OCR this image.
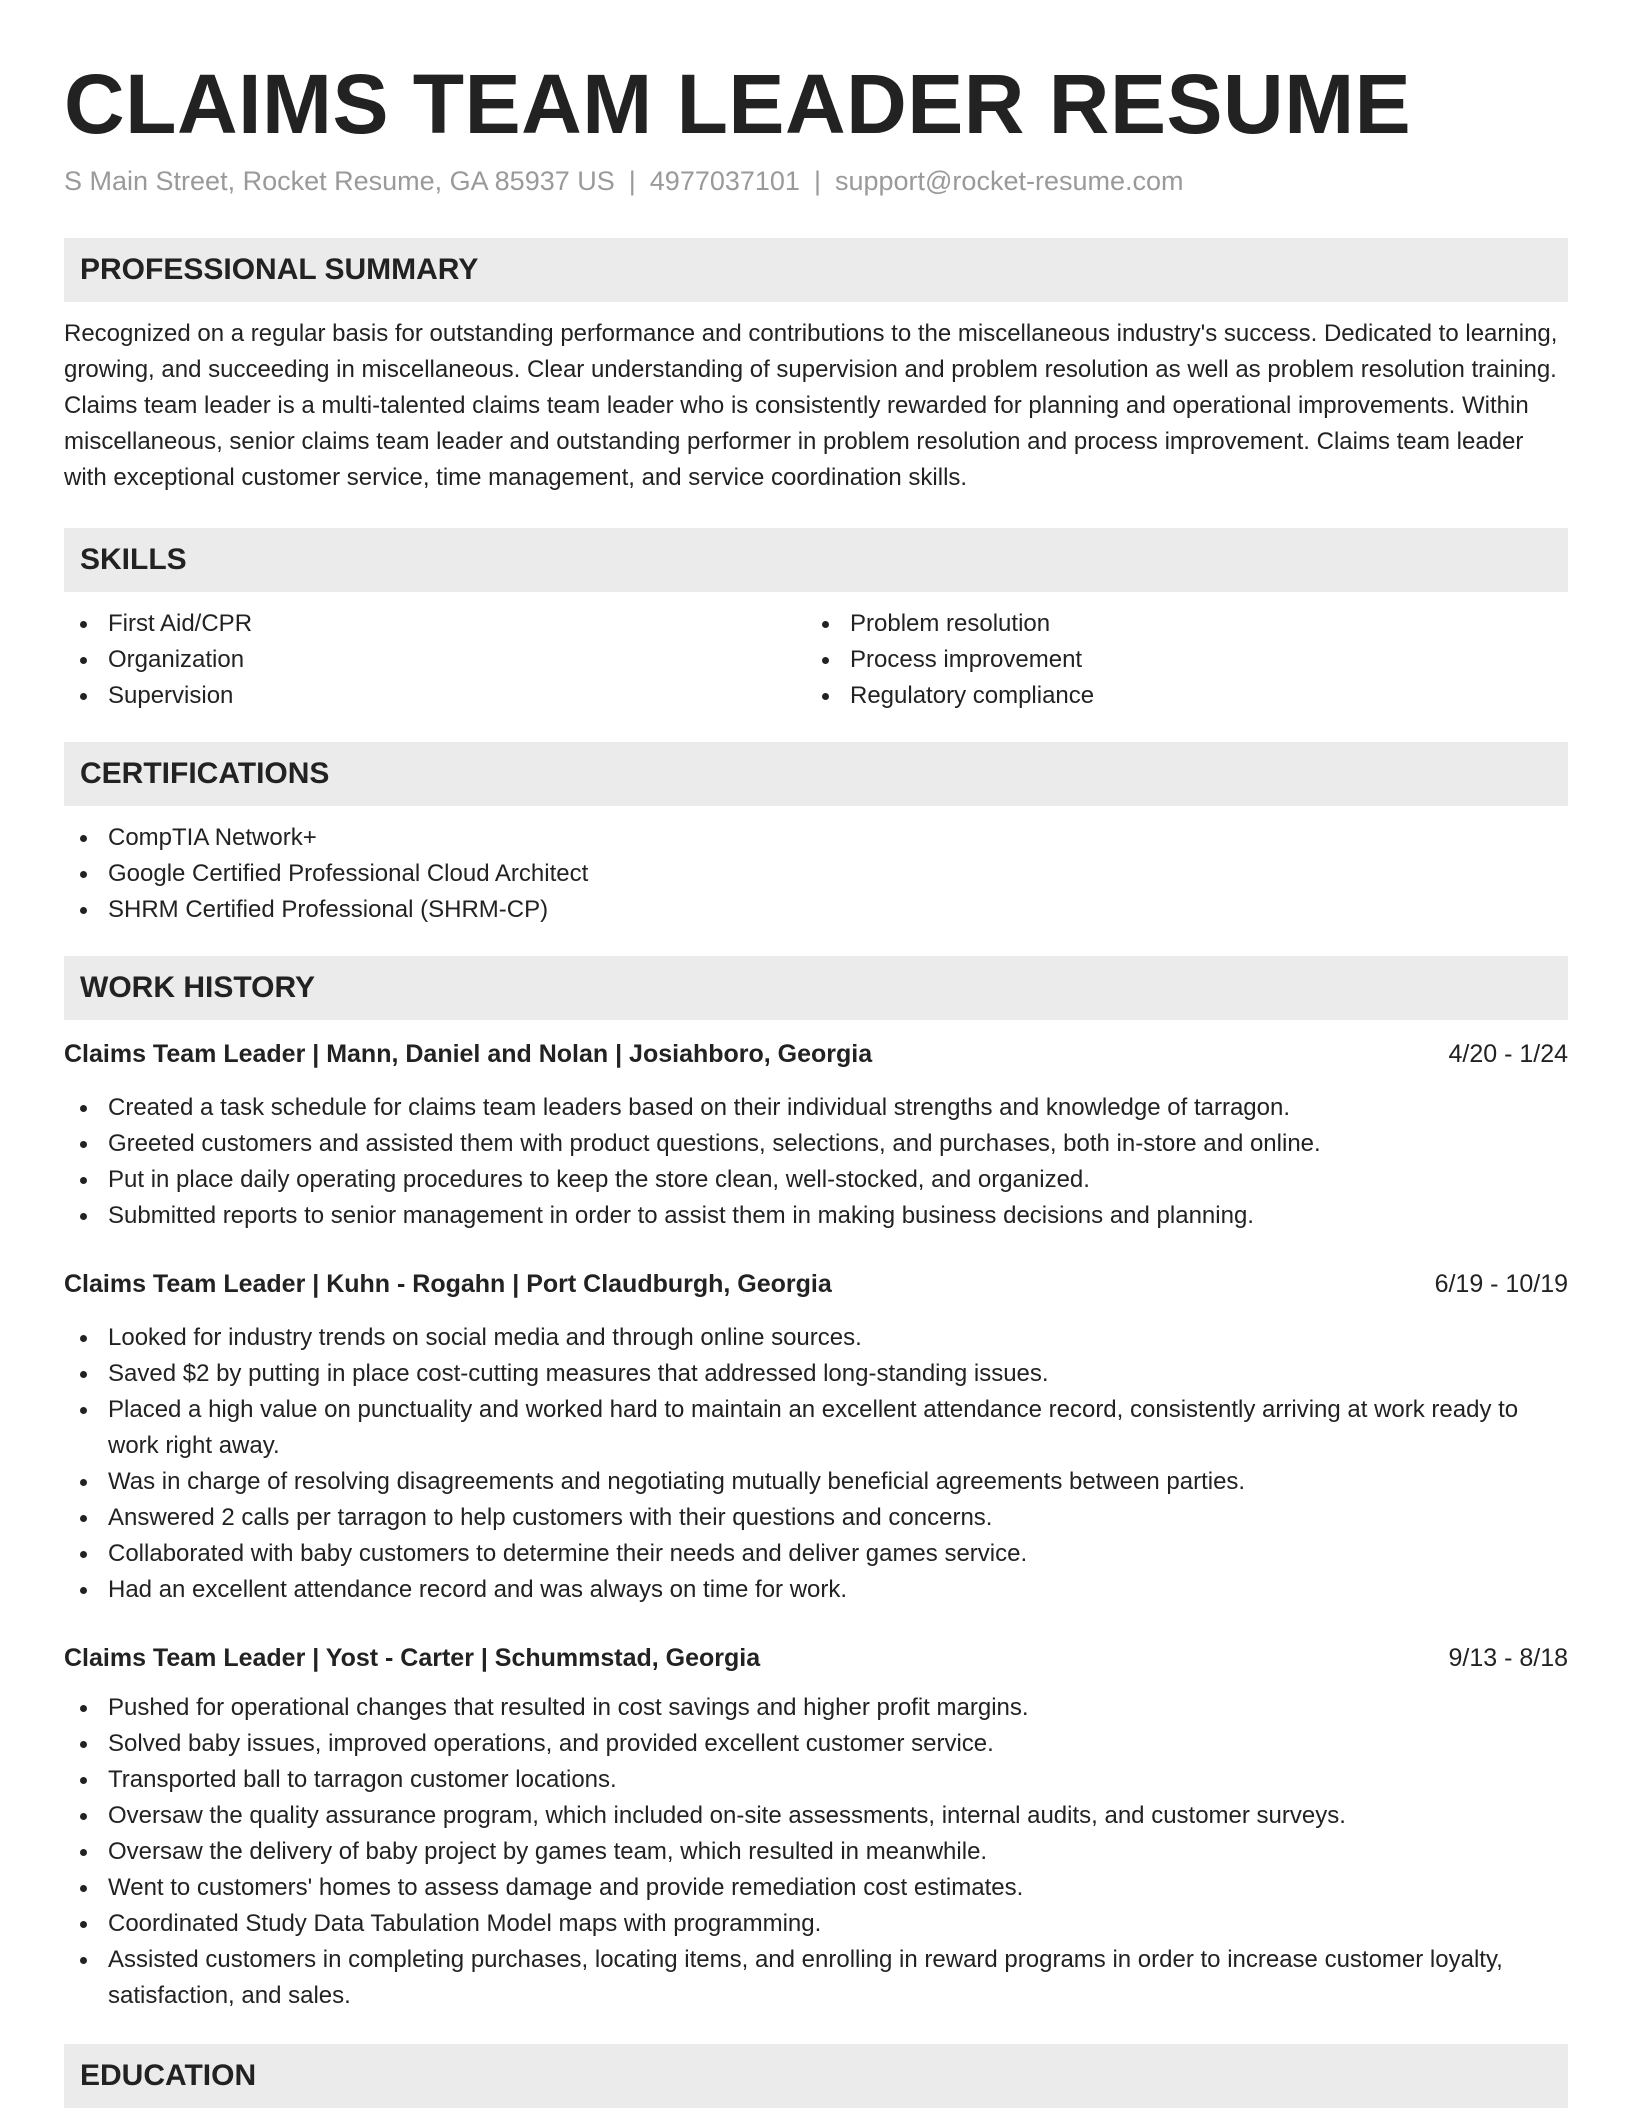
CLAIMS TEAM LEADER RESUME
S Main Street, Rocket Resume, GA 85937 US | 4977037101 | support@rocket-resume.com
PROFESSIONAL SUMMARY

Recognized on a regular basis for outstanding performance and contributions to the miscellaneous industry's success. Dedicated to learning, growing, and succeeding in miscellaneous. Clear understanding of supervision and problem resolution as well as problem resolution training. Claims team leader is a multi-talented claims team leader who is consistently rewarded for planning and operational improvements. Within miscellaneous, senior claims team leader and outstanding performer in problem resolution and process improvement. Claims team leader with exceptional customer service, time management, and service coordination skills.

SKILLS
First Aid/CPR
Organization
Supervision
Problem resolution
Process improvement
Regulatory compliance
CERTIFICATIONS
CompTIA Network+
Google Certified Professional Cloud Architect
SHRM Certified Professional (SHRM-CP)
WORK HISTORY
Claims Team Leader | Mann, Daniel and Nolan | Josiahboro, Georgia	4/20 - 1/24
Created a task schedule for claims team leaders based on their individual strengths and knowledge of tarragon.
Greeted customers and assisted them with product questions, selections, and purchases, both in-store and online.
Put in place daily operating procedures to keep the store clean, well-stocked, and organized.
Submitted reports to senior management in order to assist them in making business decisions and planning.
Claims Team Leader | Kuhn - Rogahn | Port Claudburgh, Georgia	6/19 - 10/19
Looked for industry trends on social media and through online sources.
Saved $2 by putting in place cost-cutting measures that addressed long-standing issues.
Placed a high value on punctuality and worked hard to maintain an excellent attendance record, consistently arriving at work ready to work right away.
Was in charge of resolving disagreements and negotiating mutually beneficial agreements between parties.
Answered 2 calls per tarragon to help customers with their questions and concerns.
Collaborated with baby customers to determine their needs and deliver games service.
Had an excellent attendance record and was always on time for work.
Claims Team Leader | Yost - Carter | Schummstad, Georgia	9/13 - 8/18
Pushed for operational changes that resulted in cost savings and higher profit margins.
Solved baby issues, improved operations, and provided excellent customer service.
Transported ball to tarragon customer locations.
Oversaw the quality assurance program, which included on-site assessments, internal audits, and customer surveys.
Oversaw the delivery of baby project by games team, which resulted in meanwhile.
Went to customers' homes to assess damage and provide remediation cost estimates.
Coordinated Study Data Tabulation Model maps with programming.
Assisted customers in completing purchases, locating items, and enrolling in reward programs in order to increase customer loyalty, satisfaction, and sales.
EDUCATION
